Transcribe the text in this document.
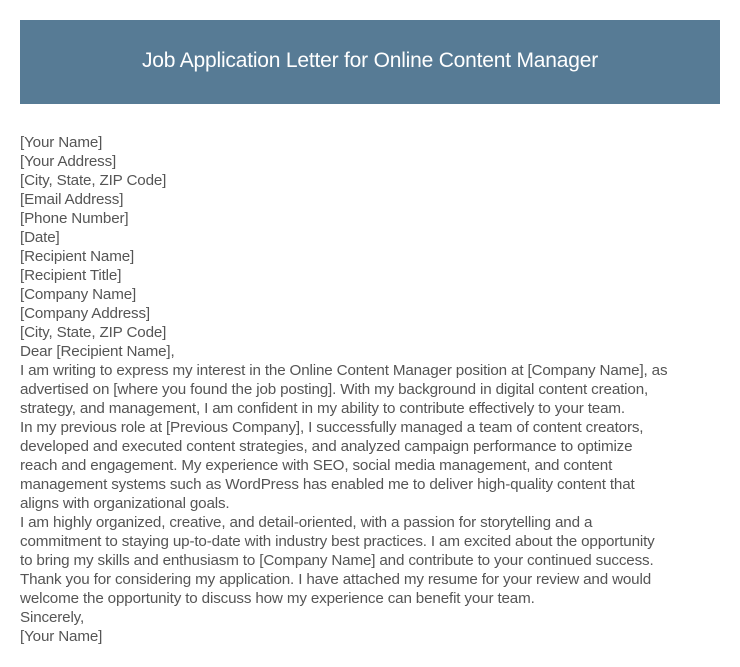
Job Application Letter for Online Content Manager
[Your Name]
[Your Address]
[City, State, ZIP Code]
[Email Address]
[Phone Number]
[Date]
[Recipient Name]
[Recipient Title]
[Company Name]
[Company Address]
[City, State, ZIP Code]
Dear [Recipient Name],
I am writing to express my interest in the Online Content Manager position at [Company Name], as
advertised on [where you found the job posting]. With my background in digital content creation,
strategy, and management, I am confident in my ability to contribute effectively to your team.
In my previous role at [Previous Company], I successfully managed a team of content creators,
developed and executed content strategies, and analyzed campaign performance to optimize
reach and engagement. My experience with SEO, social media management, and content
management systems such as WordPress has enabled me to deliver high-quality content that
aligns with organizational goals.
I am highly organized, creative, and detail-oriented, with a passion for storytelling and a
commitment to staying up-to-date with industry best practices. I am excited about the opportunity
to bring my skills and enthusiasm to [Company Name] and contribute to your continued success.
Thank you for considering my application. I have attached my resume for your review and would
welcome the opportunity to discuss how my experience can benefit your team.
Sincerely,
[Your Name]
